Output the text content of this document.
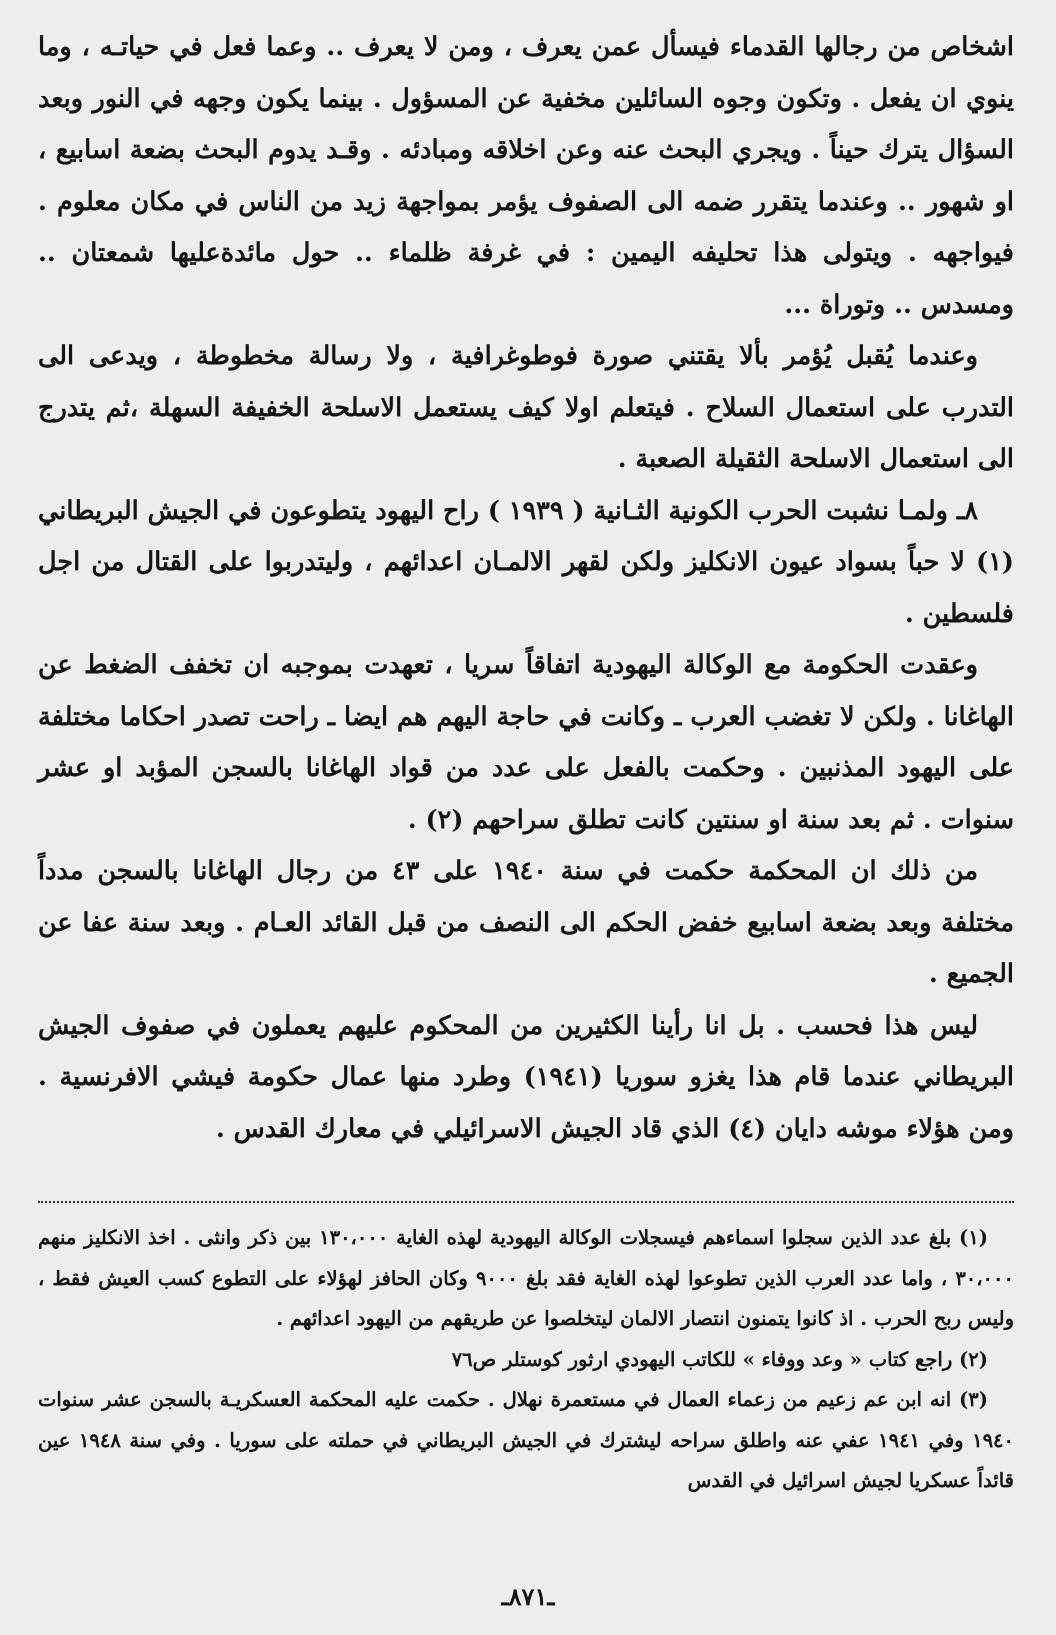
اشخاص من رجالها القدماء فيسأل عمن يعرف ، ومن لا يعرف .. وعما فعل في حياتـه ، وما ينوي ان يفعل . وتكون وجوه السائلين مخفية عن المسؤول . بينما يكون وجهه في النور وبعد السؤال يترك حيناً . ويجري البحث عنه وعن اخلاقه ومبادئه . وقـد يدوم البحث بضعة اسابيع ، او شهور .. وعندما يتقرر ضمه الى الصفوف يؤمر بمواجهة زيد من الناس في مكان معلوم . فيواجهه . ويتولى هذا تحليفه اليمين : في غرفة ظلماء .. حول مائدةعليها شمعتان .. ومسدس .. وتوراة ...

وعندما يُقبل يُؤمر بألا يقتني صورة فوطوغرافية ، ولا رسالة مخطوطة ، ويدعى الى التدرب على استعمال السلاح . فيتعلم اولا كيف يستعمل الاسلحة الخفيفة السهلة ،ثم يتدرج الى استعمال الاسلحة الثقيلة الصعبة .

٨ـ ولمـا نشبت الحرب الكونية الثـانية ( ١٩٣٩ ) راح اليهود يتطوعون في الجيش البريطاني (١) لا حباً بسواد عيون الانكليز ولكن لقهر الالمـان اعدائهم ، وليتدربوا على القتال من اجل فلسطين .

وعقدت الحكومة مع الوكالة اليهودية اتفاقاً سريا ، تعهدت بموجبه ان تخفف الضغط عن الهاغانا . ولكن لا تغضب العرب ـ وكانت في حاجة اليهم هم ايضا ـ راحت تصدر احكاما مختلفة على اليهود المذنبين . وحكمت بالفعل على عدد من قواد الهاغانا بالسجن المؤبد او عشر سنوات . ثم بعد سنة او سنتين كانت تطلق سراحهم (٢) .

من ذلك ان المحكمة حكمت في سنة ١٩٤٠ على ٤٣ من رجال الهاغانا بالسجن مدداً مختلفة وبعد بضعة اسابيع خفض الحكم الى النصف من قبل القائد العـام . وبعد سنة عفا عن الجميع .

ليس هذا فحسب . بل انا رأينا الكثيرين من المحكوم عليهم يعملون في صفوف الجيش البريطاني عندما قام هذا يغزو سوريا (١٩٤١) وطرد منها عمال حكومة فيشي الافرنسية . ومن هؤلاء موشه دايان (٤) الذي قاد الجيش الاسرائيلي في معارك القدس .

(١) بلغ عدد الذين سجلوا اسماءهم فيسجلات الوكالة اليهودية لهذه الغاية ١٣٠،٠٠٠ بين ذكر وانثى . اخذ الانكليز منهم ٣٠،٠٠٠ ، واما عدد العرب الذين تطوعوا لهذه الغاية فقد بلغ ٩٠٠٠ وكان الحافز لهؤلاء على التطوع كسب العيش فقط ، وليس ربح الحرب . اذ كانوا يتمنون انتصار الالمان ليتخلصوا عن طريقهم من اليهود اعدائهم .

(٢) راجع كتاب « وعد ووفاء » للكاتب اليهودي ارثور كوستلر ص٧٦

(٣) انه ابن عم زعيم من زعماء العمال في مستعمرة نهلال . حكمت عليه المحكمة العسكريـة بالسجن عشر سنوات ١٩٤٠ وفي ١٩٤١ عفي عنه واطلق سراحه ليشترك في الجيش البريطاني في حملته على سوريا . وفي سنة ١٩٤٨ عين قائداً عسكريا لجيش اسرائيل في القدس

ـ٨٧١ـ
